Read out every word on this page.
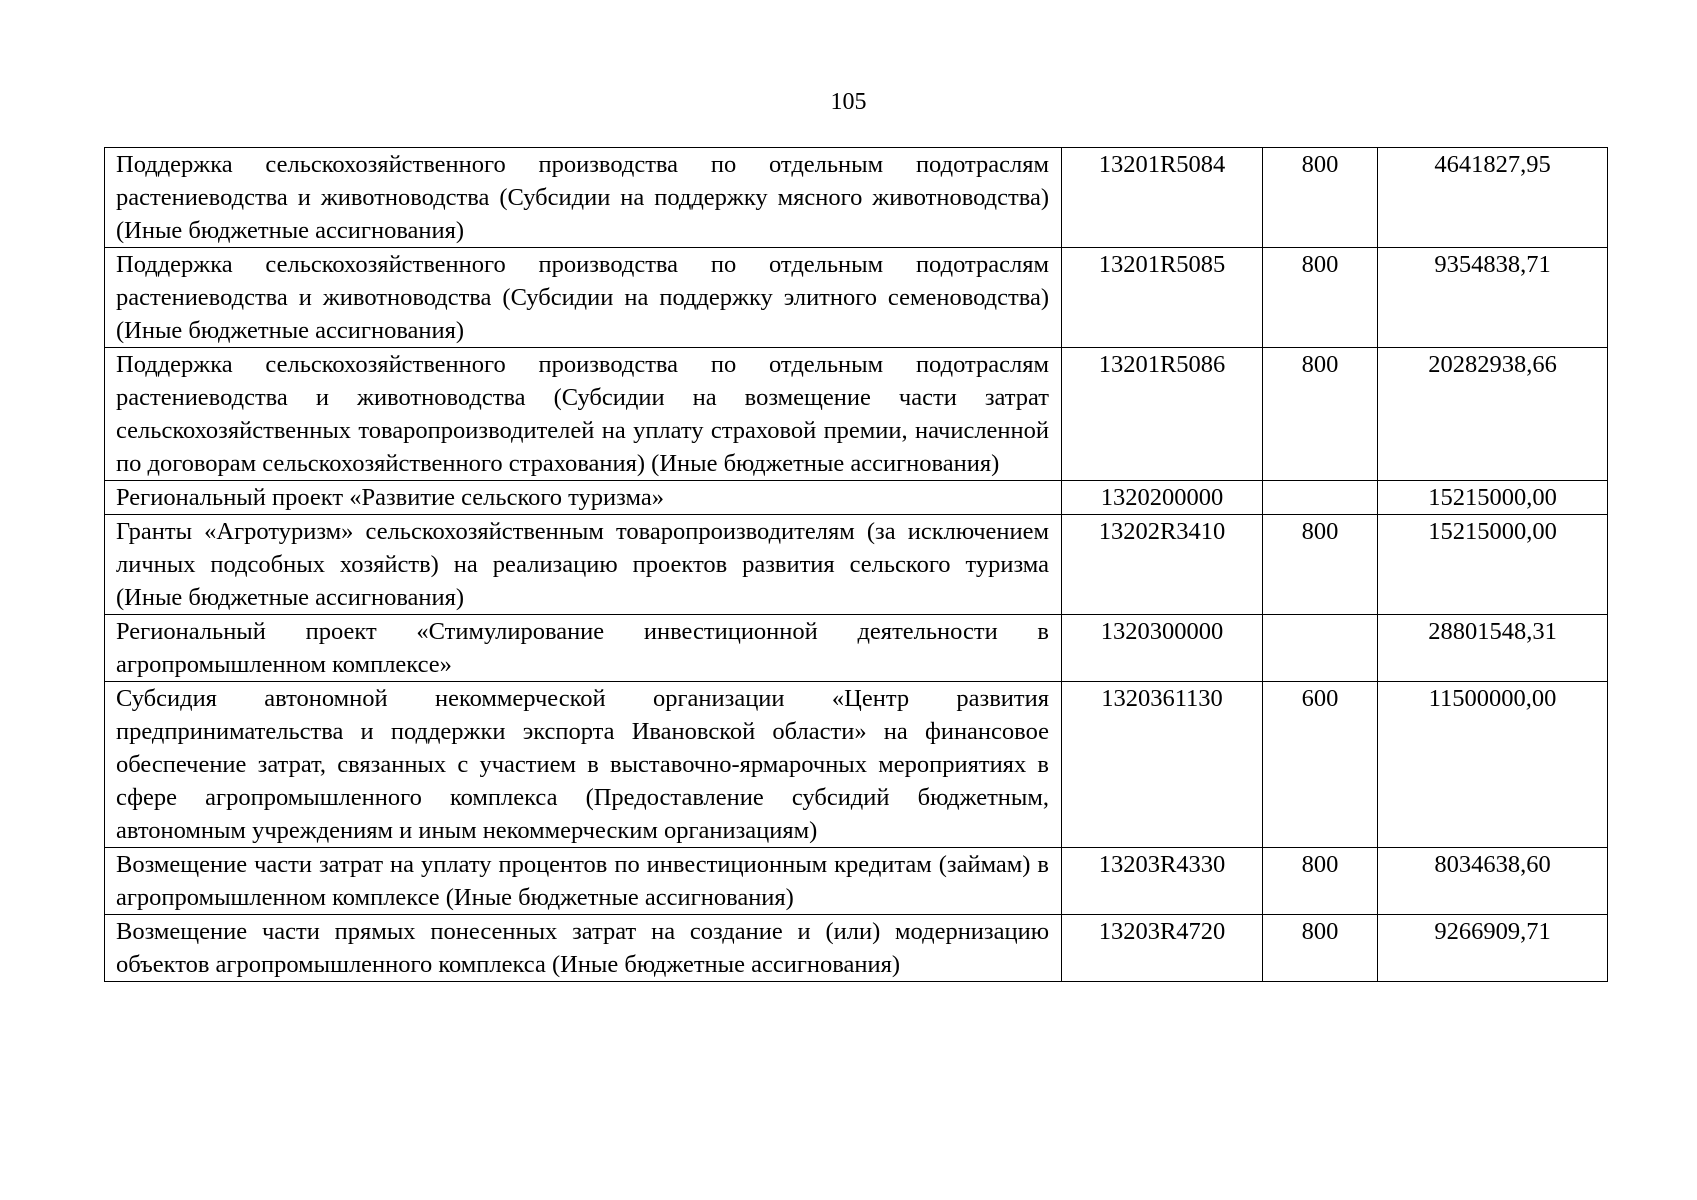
105
Поддержка сельскохозяйственного производства по отдельным подотраслям растениеводства и животноводства (Субсидии на поддержку мясного животноводства) (Иные бюджетные ассигнования)	13201R5084	800	4641827,95
Поддержка сельскохозяйственного производства по отдельным подотраслям растениеводства и животноводства (Субсидии на поддержку элитного семеноводства) (Иные бюджетные ассигнования)	13201R5085	800	9354838,71
Поддержка сельскохозяйственного производства по отдельным подотраслям растениеводства и животноводства (Субсидии на возмещение части затрат сельскохозяйственных товаропроизводителей на уплату страховой премии, начисленной по договорам сельскохозяйственного страхования) (Иные бюджетные ассигнования)	13201R5086	800	20282938,66
Региональный проект «Развитие сельского туризма»	1320200000		15215000,00
Гранты «Агротуризм» сельскохозяйственным товаропроизводителям (за исключением личных подсобных хозяйств) на реализацию проектов развития сельского туризма (Иные бюджетные ассигнования)	13202R3410	800	15215000,00
Региональный проект «Стимулирование инвестиционной деятельности в агропромышленном комплексе»	1320300000		28801548,31
Субсидия автономной некоммерческой организации «Центр развития предпринимательства и поддержки экспорта Ивановской области» на финансовое обеспечение затрат, связанных с участием в выставочно-ярмарочных мероприятиях в сфере агропромышленного комплекса (Предоставление субсидий бюджетным, автономным учреждениям и иным некоммерческим организациям)	1320361130	600	11500000,00
Возмещение части затрат на уплату процентов по инвестиционным кредитам (займам) в агропромышленном комплексе (Иные бюджетные ассигнования)	13203R4330	800	8034638,60
Возмещение части прямых понесенных затрат на создание и (или) модернизацию объектов агропромышленного комплекса (Иные бюджетные ассигнования)	13203R4720	800	9266909,71
